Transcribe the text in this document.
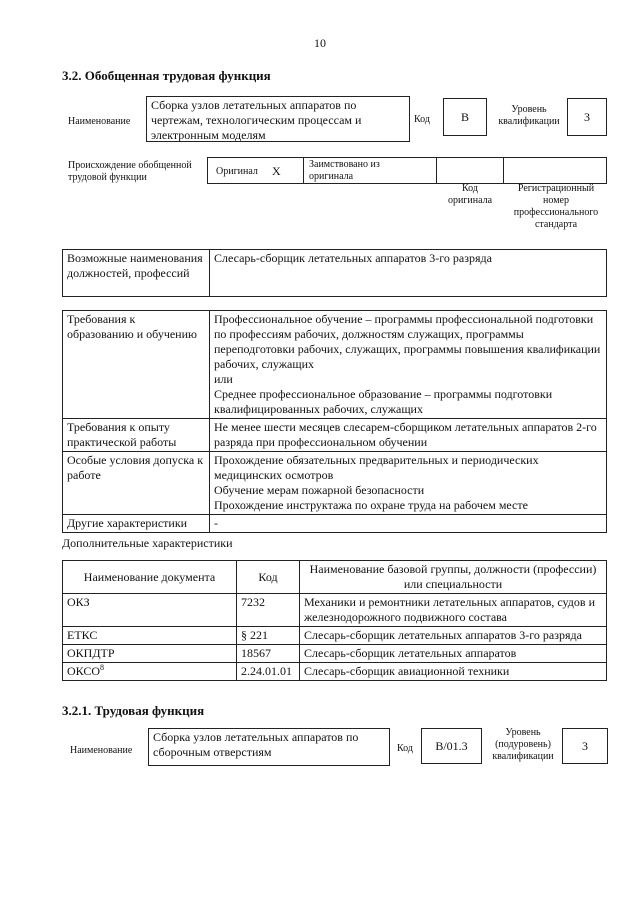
10
3.2. Обобщенная трудовая функция
Наименование
Сборка узлов летательных аппаратов по чертежам, технологическим процессам и электронным моделям
Код	B
Уровень квалификации	3
Происхождение обобщенной трудовой функции
Оригинал X	Заимствовано из оригинала
Код оригинала
Регистрационный номер профессионального стандарта
Возможные наименования должностей, профессий	Слесарь-сборщик летательных аппаратов 3-го разряда
Требования к образованию и обучению	Профессиональное обучение – программы профессиональной подготовки по профессиям рабочих, должностям служащих, программы переподготовки рабочих, служащих, программы повышения квалификации рабочих, служащих
или
Среднее профессиональное образование – программы подготовки квалифицированных рабочих, служащих

Требования к опыту практической работы	Не менее шести месяцев слесарем-сборщиком летательных аппаратов 2-го разряда при профессиональном обучении

Особые условия допуска к работе	Прохождение обязательных предварительных и периодических медицинских осмотров
Обучение мерам пожарной безопасности
Прохождение инструктажа по охране труда на рабочем месте

Другие характеристики	-
Дополнительные характеристики
Наименование документа	Код	Наименование базовой группы, должности (профессии) или специальности
ОКЗ	7232	Механики и ремонтники летательных аппаратов, судов и железнодорожного подвижного состава
ЕТКС	§ 221	Слесарь-сборщик летательных аппаратов 3-го разряда
ОКПДТР	18567	Слесарь-сборщик летательных аппаратов
ОКСО$^8$	2.24.01.01	Слесарь-сборщик авиационной техники
3.2.1. Трудовая функция
Наименование
Сборка узлов летательных аппаратов по сборочным отверстиям	Код	B/01.3
Уровень (подуровень) квалификации
3
